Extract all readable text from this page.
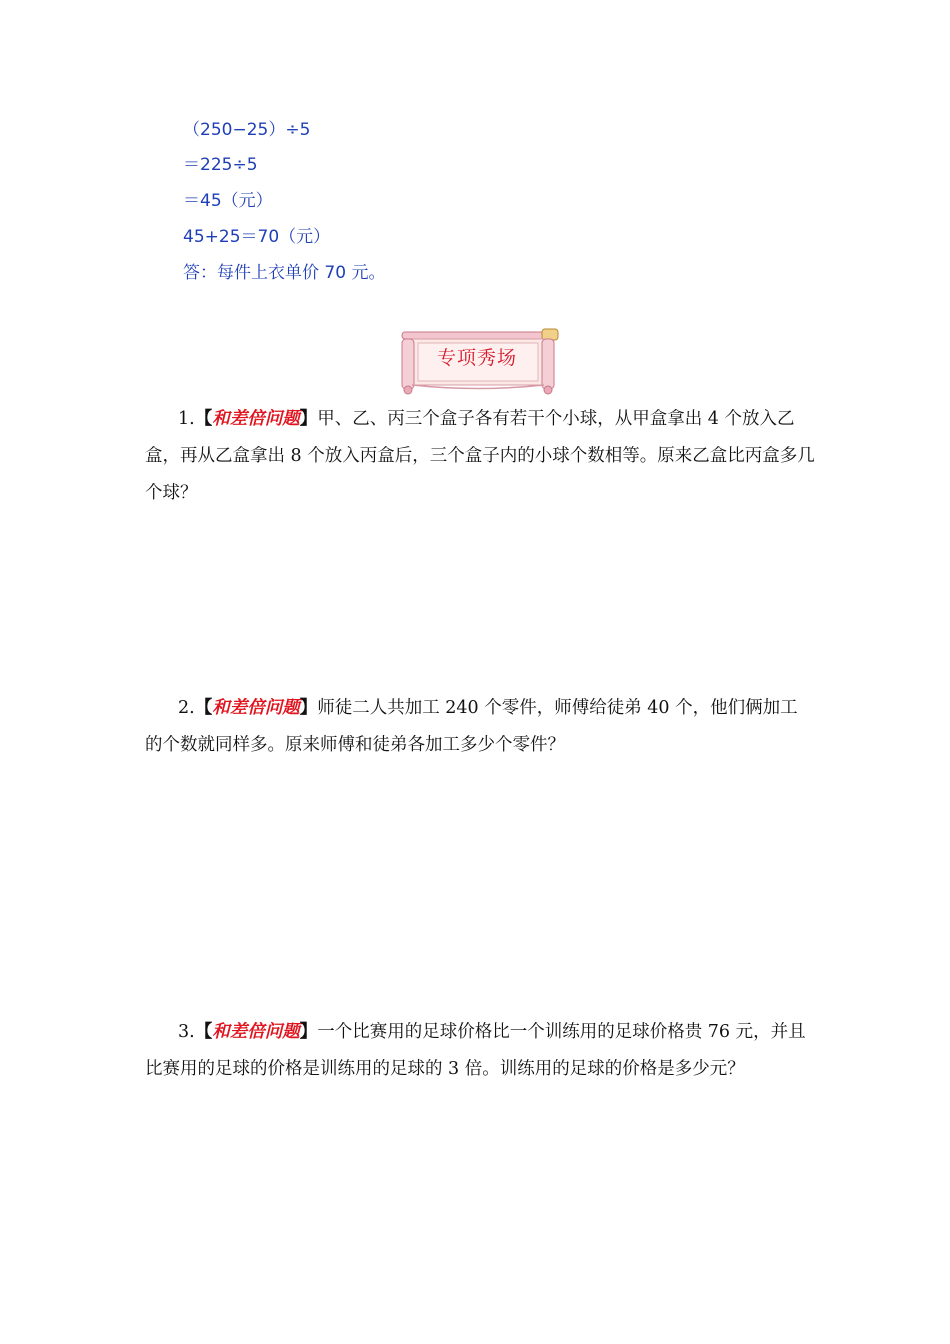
（250−25）÷5
＝225÷5
＝45（元）
45+25＝70（元）
答：每件上衣单价 70 元。
专项秀场
1.【和差倍问题】甲、乙、丙三个盒子各有若干个小球，从甲盒拿出 4 个放入乙盒，再从乙盒拿出 8 个放入丙盒后，三个盒子内的小球个数相等。原来乙盒比丙盒多几个球？
2.【和差倍问题】师徒二人共加工 240 个零件，师傅给徒弟 40 个，他们俩加工的个数就同样多。原来师傅和徒弟各加工多少个零件？
3.【和差倍问题】一个比赛用的足球价格比一个训练用的足球价格贵 76 元，并且比赛用的足球的价格是训练用的足球的 3 倍。训练用的足球的价格是多少元？
